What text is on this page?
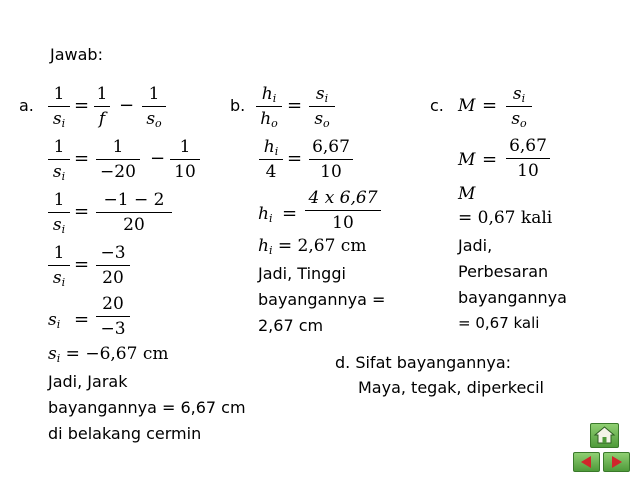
Jawab:
a.
1
$s_i$
=
1
f
−
1
$s_o$
1
$s_i$
=
1
−20
−
1
10
1
$s_i$
=
−1 − 2
20
1
$s_i$
=
−3
20
$s_i$ =
20
−3
$s_i = -6,67$ cm
Jadi, Jarak
bayangannya = 6,67 cm
di belakang cermin
b.
$h_i$
$h_o$
=
$s_i$
$s_o$
$h_i$
4
=
6,67
10
$h_i$ =
4 x 6,67
10
$h_i = 2,67$ cm
Jadi, Tinggi
bayangannya =
2,67 cm
c. M =
$s_i$
$s_o$
M =
6,67
10
M
= 0,67 kali
Jadi,
Perbesaran
bayangannya
= 0,67 kali
d. Sifat bayangannya:
Maya, tegak, diperkecil
